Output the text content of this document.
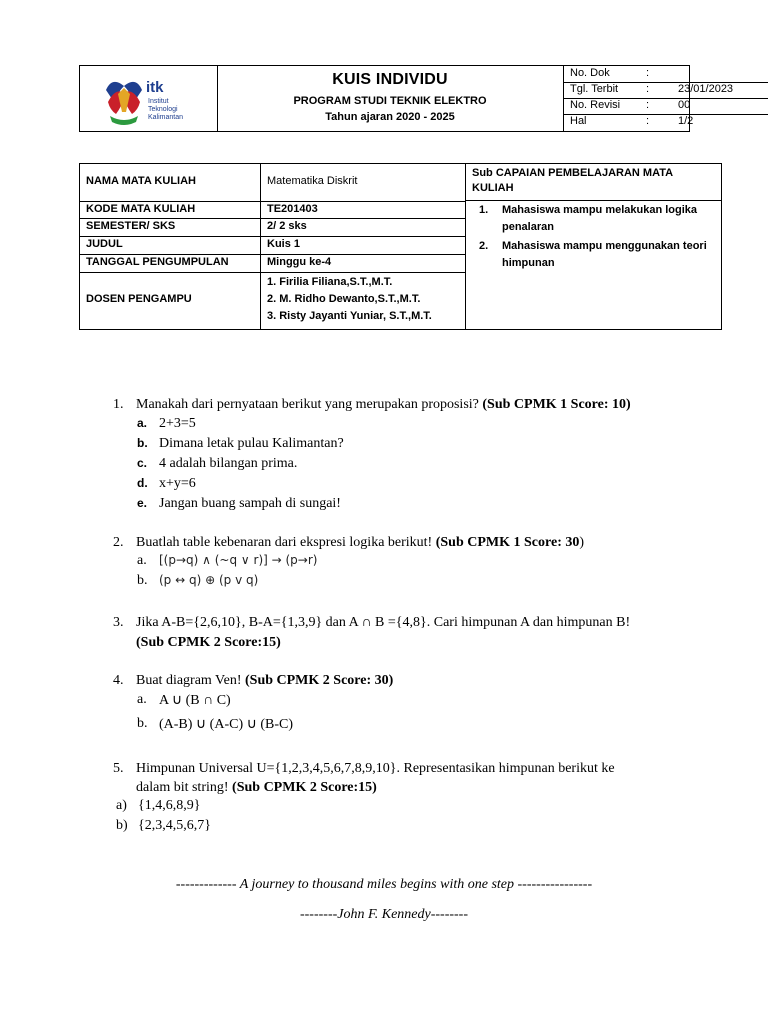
itk
Institut
Teknologi
Kalimantan
KUIS INDIVIDU
PROGRAM STUDI TEKNIK ELEKTRO
Tahun ajaran 2020 - 2025
No. Dok	:
Tgl. Terbit	:	23/01/2023
No. Revisi :	00
Hal	:	1/2
NAMA MATA KULIAH	Matematika Diskrit
KODE MATA KULIAH	TE201403
SEMESTER/ SKS	2/ 2 sks
JUDUL	Kuis 1
TANGGAL PENGUMPULAN	Minggu ke-4
DOSEN PENGAMPU
1. Firilia Filiana,S.T.,M.T.
2. M. Ridho Dewanto,S.T.,M.T.
3. Risty Jayanti Yuniar, S.T.,M.T.
Sub CAPAIAN PEMBELAJARAN MATA KULIAH
1. Mahasiswa mampu melakukan logika penalaran
2. Mahasiswa mampu menggunakan teori himpunan
1. Manakah dari pernyataan berikut yang merupakan proposisi? (Sub CPMK 1 Score: 10)
a. 2+3=5
b. Dimana letak pulau Kalimantan?
c. 4 adalah bilangan prima.
d. x+y=6
e. Jangan buang sampah di sungai!
2. Buatlah table kebenaran dari ekspresi logika berikut! (Sub CPMK 1 Score: 30)
a. [(p→q) ∧ (~q ∨ r)] → (p→r)
b. (p ↔ q) ⊕ (p v q)
3. Jika A-B={2,6,10}, B-A={1,3,9} dan A ∩ B ={4,8}. Cari himpunan A dan himpunan B!
(Sub CPMK 2 Score:15)
4. Buat diagram Ven! (Sub CPMK 2 Score: 30)
a. A ∪ (B ∩ C)
b. (A-B) ∪ (A-C) ∪ (B-C)
5. Himpunan Universal U={1,2,3,4,5,6,7,8,9,10}. Representasikan himpunan berikut ke
dalam bit string! (Sub CPMK 2 Score:15)
a) {1,4,6,8,9}
b) {2,3,4,5,6,7}
------------- A journey to thousand miles begins with one step ----------------
--------John F. Kennedy--------
